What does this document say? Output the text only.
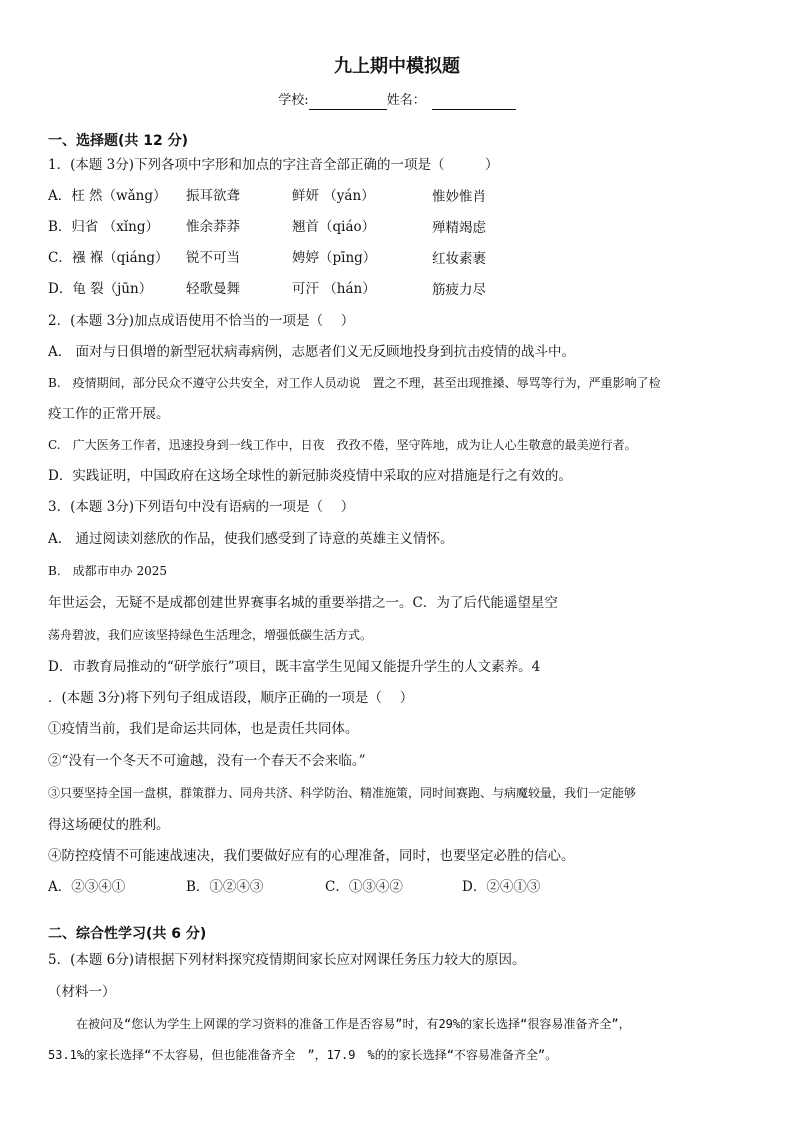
九上期中模拟题
学校:	姓名：
一、选择题(共 12 分)
1．(本题 3分)下列各项中字形和加点的字注音全部正确的一项是（　　　）
A．枉 然（wǎng） 振耳欲聋	鲜妍 （yán）	惟妙惟肖
B．归省 （xǐng） 惟余莽莽	翘首（qiáo）	殚精竭虑
C．襁 褓（qiáng） 锐不可当	娉婷（pīng）	红妆素裹
D．龟 裂（jūn）	轻歌曼舞	可汗 （hán）	筋疲力尽
2．(本题 3分)加点成语使用不恰当的一项是（　 ）
A.　面对与日俱增的新型冠状病毒病例，志愿者们义无反顾地投身到抗击疫情的战斗中。
B.　疫情期间，部分民众不遵守公共安全，对工作人员动说　置之不理，甚至出现推搡、辱骂等行为，严重影响了检
疫工作的正常开展。
C.　广大医务工作者，迅速投身到一线工作中，日夜　孜孜不倦，坚守阵地，成为让人心生敬意的最美逆行者。
D．实践证明，中国政府在这场全球性的新冠肺炎疫情中采取的应对措施是行之有效的。
3．(本题 3分)下列语句中没有语病的一项是（　 ）
A.　通过阅读刘慈欣的作品，使我们感受到了诗意的英雄主义情怀。
B.　成都市申办 2025
年世运会，无疑不是成都创建世界赛事名城的重要举措之一。C．为了后代能遥望星空
荡舟碧波，我们应该坚持绿色生活理念，增强低碳生活方式。
D．市教育局推动的“研学旅行”项目，既丰富学生见闻又能提升学生的人文素养。4
．(本题 3分)将下列句子组成语段，顺序正确的一项是（　 ）
①疫情当前，我们是命运共同体，也是责任共同体。
②“没有一个冬天不可逾越，没有一个春天不会来临。”
③只要坚持全国一盘棋，群策群力、同舟共济、科学防治、精准施策，同时间赛跑、与病魔较量，我们一定能够
得这场硬仗的胜利。
④防控疫情不可能速战速决，我们要做好应有的心理准备，同时，也要坚定必胜的信心。
A．②③④①	B．①②④③	C．①③④②	D．②④①③
二、综合性学习(共 6 分)
5．(本题 6分)请根据下列材料探究疫情期间家长应对网课任务压力较大的原因。
（材料一）
在被问及“您认为学生上网课的学习资料的准备工作是否容易”时，有29%的家长选择“很容易准备齐全”，
53.1%的家长选择“不太容易，但也能准备齐全　”，17.9　%的的家长选择“不容易准备齐全”。
